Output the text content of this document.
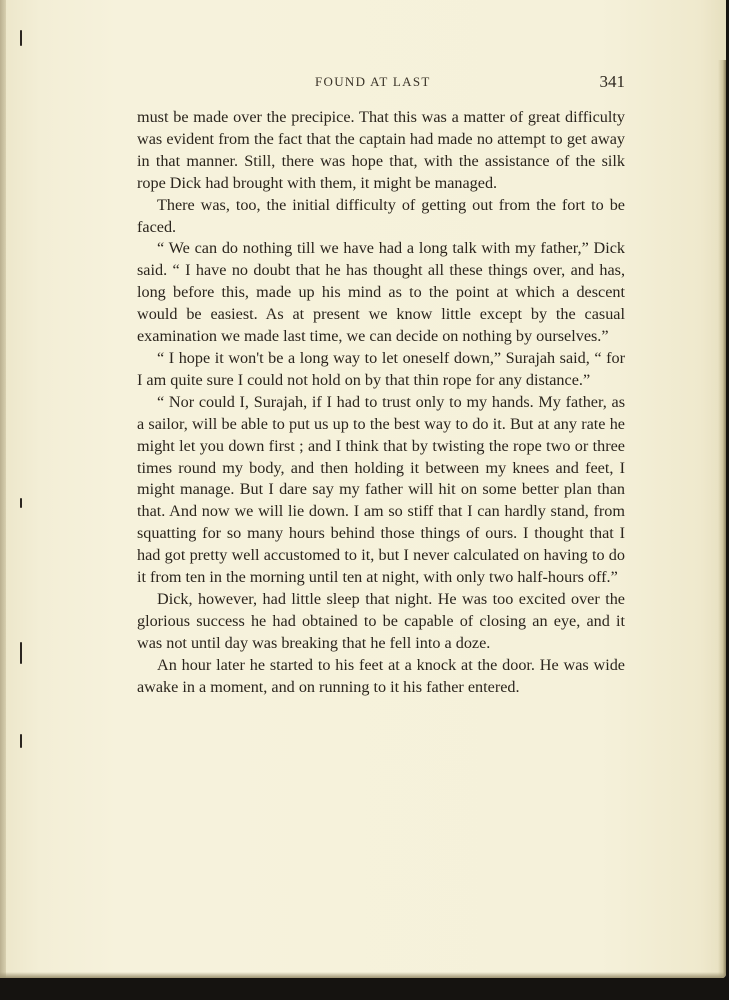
FOUND AT LAST	341

must be made over the precipice. That this was a matter of great difficulty was evident from the fact that the captain had made no attempt to get away in that manner. Still, there was hope that, with the assistance of the silk rope Dick had brought with them, it might be managed.

There was, too, the initial difficulty of getting out from the fort to be faced.

“ We can do nothing till we have had a long talk with my father,” Dick said. “ I have no doubt that he has thought all these things over, and has, long before this, made up his mind as to the point at which a descent would be easiest. As at present we know little except by the casual examination we made last time, we can decide on nothing by ourselves.”

“ I hope it won't be a long way to let oneself down,” Surajah said, “ for I am quite sure I could not hold on by that thin rope for any distance.”

“ Nor could I, Surajah, if I had to trust only to my hands. My father, as a sailor, will be able to put us up to the best way to do it. But at any rate he might let you down first ; and I think that by twisting the rope two or three times round my body, and then holding it between my knees and feet, I might manage. But I dare say my father will hit on some better plan than that. And now we will lie down. I am so stiff that I can hardly stand, from squatting for so many hours behind those things of ours. I thought that I had got pretty well accustomed to it, but I never calculated on having to do it from ten in the morning until ten at night, with only two half-hours off.”

Dick, however, had little sleep that night. He was too excited over the glorious success he had obtained to be capable of closing an eye, and it was not until day was breaking that he fell into a doze.

An hour later he started to his feet at a knock at the door. He was wide awake in a moment, and on running to it his father entered.
